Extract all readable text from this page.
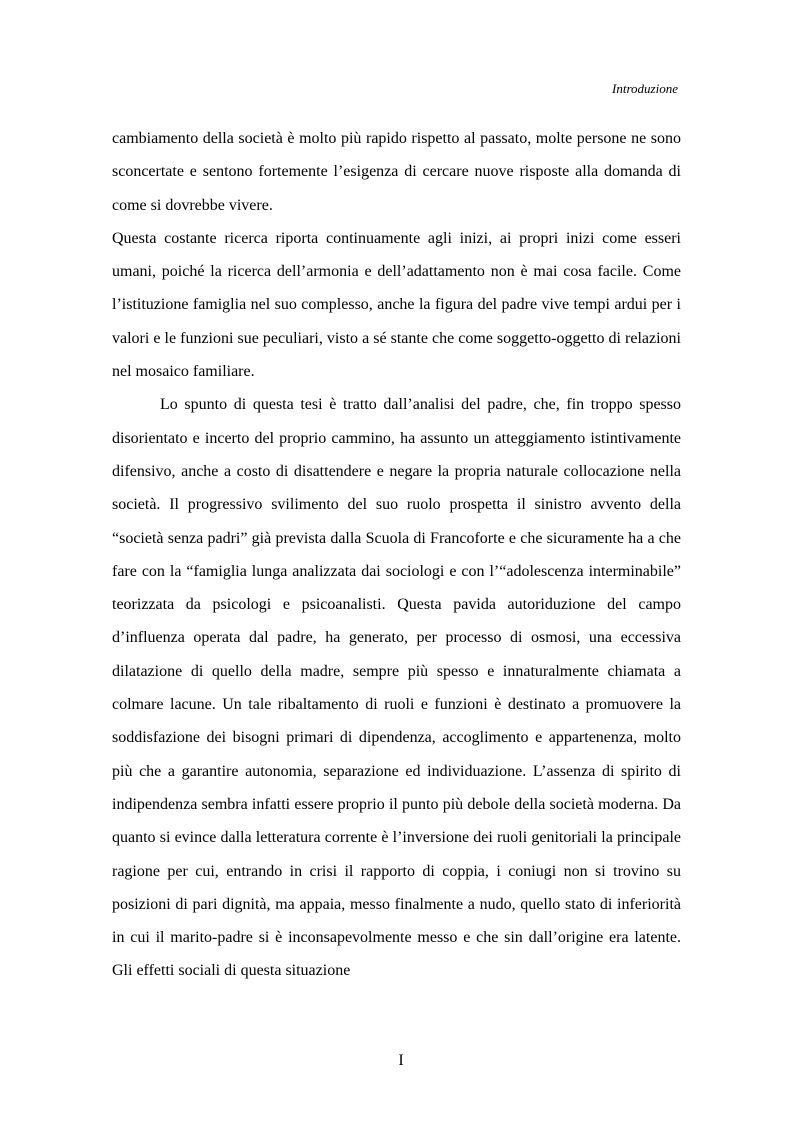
Introduzione

cambiamento della società è molto più rapido rispetto al passato, molte persone ne sono sconcertate e sentono fortemente l’esigenza di cercare nuove risposte alla domanda di come si dovrebbe vivere.

Questa costante ricerca riporta continuamente agli inizi, ai propri inizi come esseri umani, poiché la ricerca dell’armonia e dell’adattamento non è mai cosa facile. Come l’istituzione famiglia nel suo complesso, anche la figura del padre vive tempi ardui per i valori e le funzioni sue peculiari, visto a sé stante che come soggetto-oggetto di relazioni nel mosaico familiare.

Lo spunto di questa tesi è tratto dall’analisi del padre, che, fin troppo spesso disorientato e incerto del proprio cammino, ha assunto un atteggiamento istintivamente difensivo, anche a costo di disattendere e negare la propria naturale collocazione nella società. Il progressivo svilimento del suo ruolo prospetta il sinistro avvento della “società senza padri” già prevista dalla Scuola di Francoforte e che sicuramente ha a che fare con la “famiglia lunga analizzata dai sociologi e con l’“adolescenza interminabile” teorizzata da psicologi e psicoanalisti. Questa pavida autoriduzione del campo d’influenza operata dal padre, ha generato, per processo di osmosi, una eccessiva dilatazione di quello della madre, sempre più spesso e innaturalmente chiamata a colmare lacune. Un tale ribaltamento di ruoli e funzioni è destinato a promuovere la soddisfazione dei bisogni primari di dipendenza, accoglimento e appartenenza, molto più che a garantire autonomia, separazione ed individuazione. L’assenza di spirito di indipendenza sembra infatti essere proprio il punto più debole della società moderna. Da quanto si evince dalla letteratura corrente è l’inversione dei ruoli genitoriali la principale ragione per cui, entrando in crisi il rapporto di coppia, i coniugi non si trovino su posizioni di pari dignità, ma appaia, messo finalmente a nudo, quello stato di inferiorità in cui il marito-padre si è inconsapevolmente messo e che sin dall’origine era latente. Gli effetti sociali di questa situazione

I
